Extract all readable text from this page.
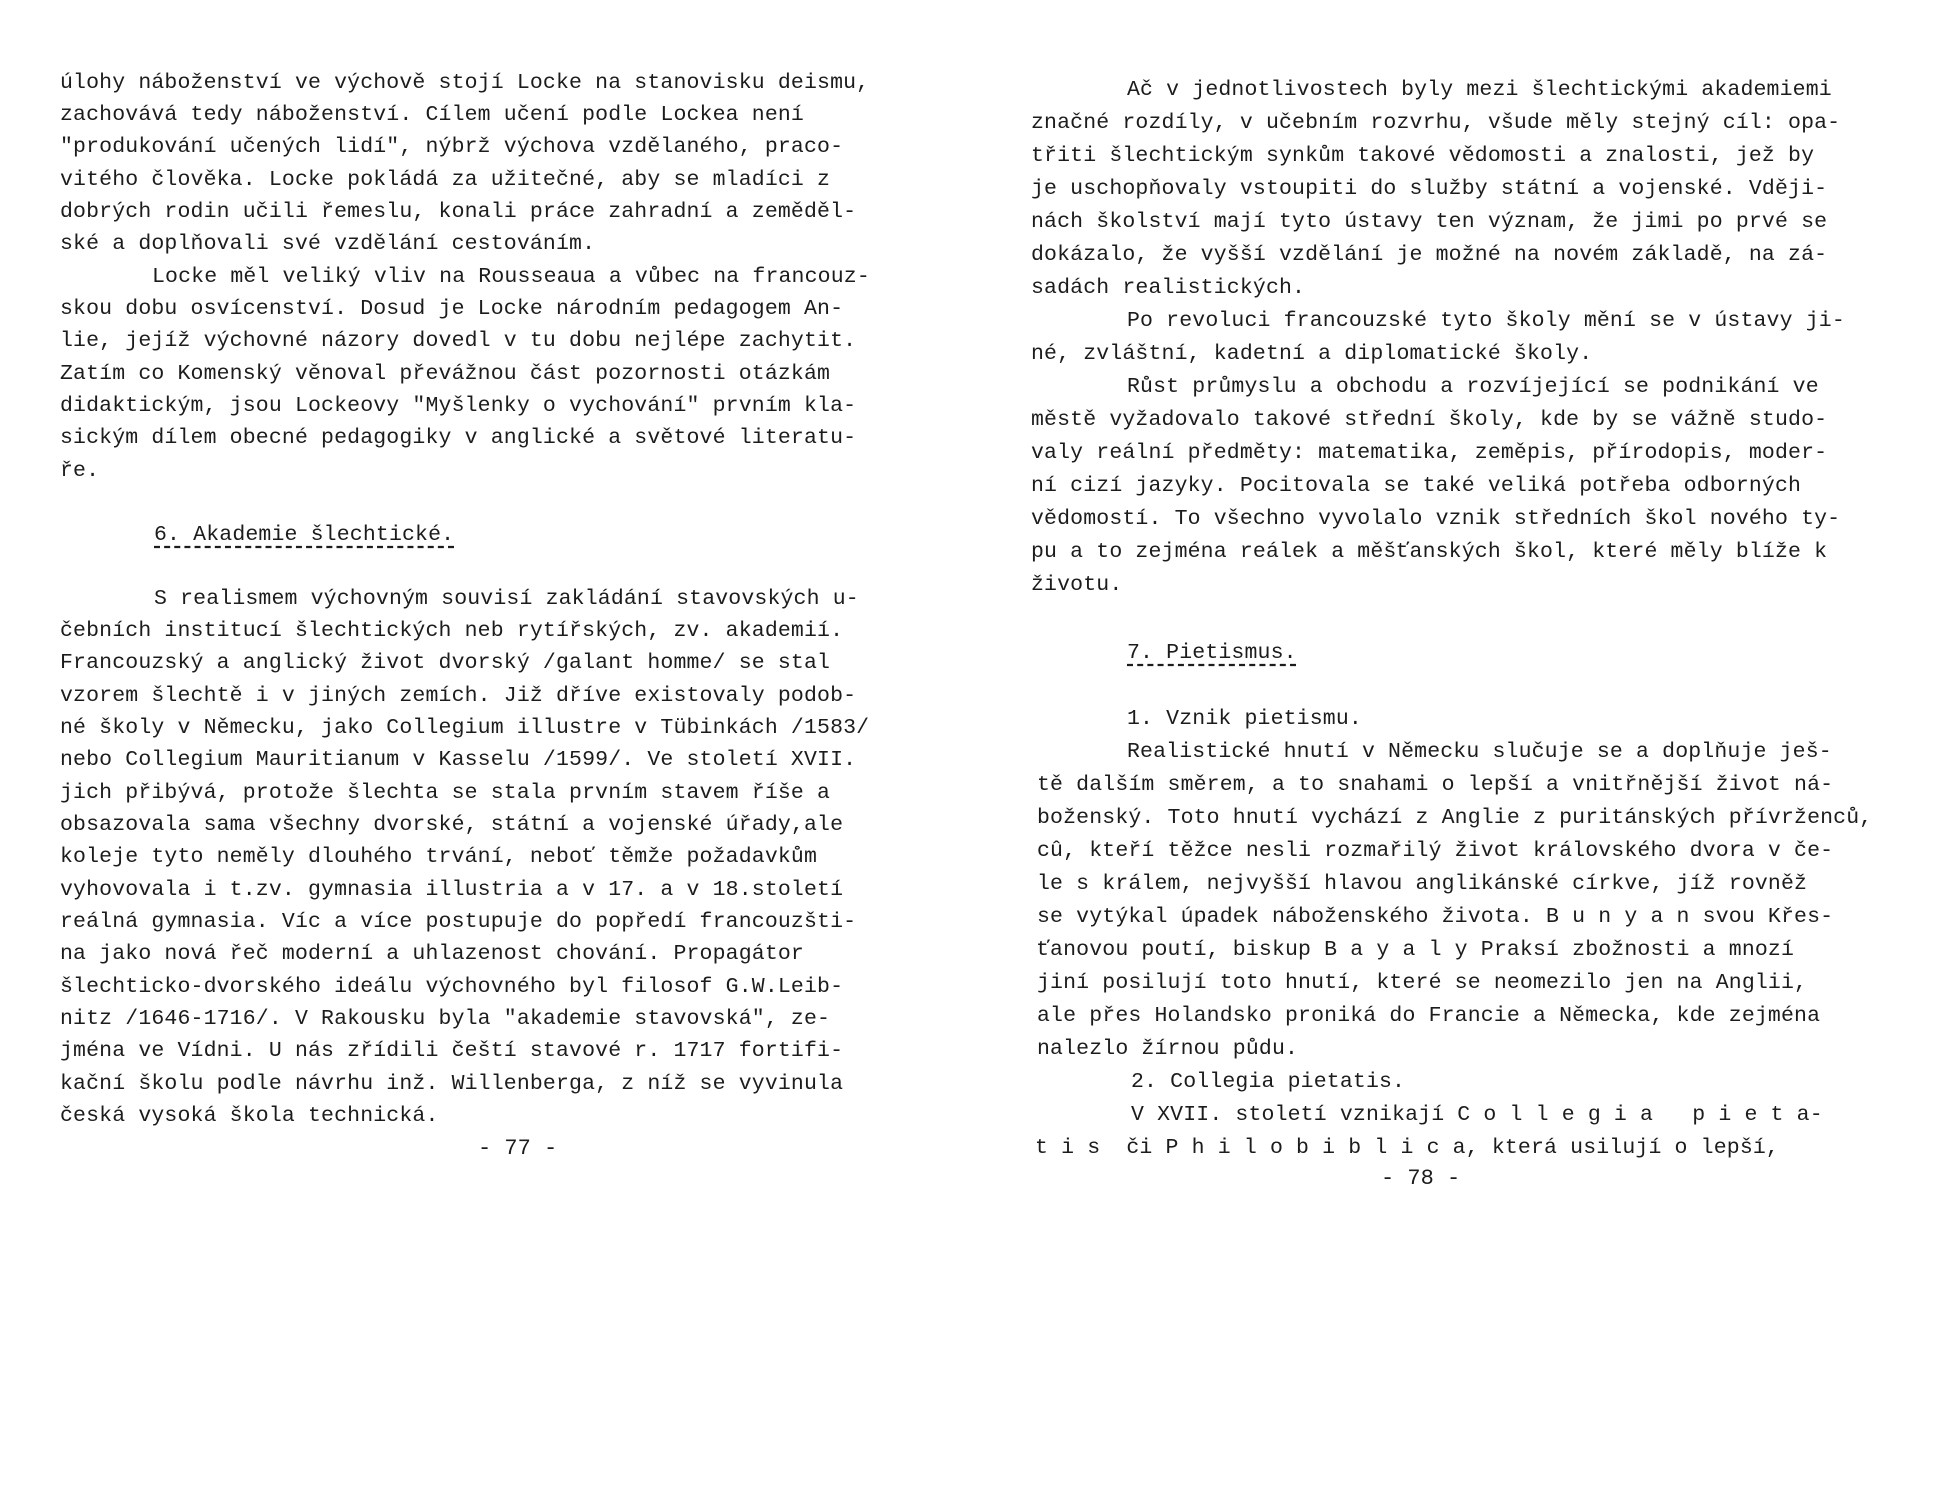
úlohy náboženství ve výchově stojí Locke na stanovisku deismu,
zachovává tedy náboženství. Cílem učení podle Lockea není
"produkování učených lidí", nýbrž výchova vzdělaného, praco-
vitého člověka. Locke pokládá za užitečné, aby se mladíci z
dobrých rodin učili řemeslu, konali práce zahradní a zeměděl-
ské a doplňovali své vzdělání cestováním.
Locke měl veliký vliv na Rousseaua a vůbec na francouz-
skou dobu osvícenství. Dosud je Locke národním pedagogem An-
lie, jejíž výchovné názory dovedl v tu dobu nejlépe zachytit.
Zatím co Komenský věnoval převážnou část pozornosti otázkám
didaktickým, jsou Lockeovy "Myšlenky o vychování" prvním kla-
sickým dílem obecné pedagogiky v anglické a světové literatu-
ře.
6. Akademie šlechtické.
S realismem výchovným souvisí zakládání stavovských u-
čebních institucí šlechtických neb rytířských, zv. akademií.
Francouzský a anglický život dvorský /galant homme/ se stal
vzorem šlechtě i v jiných zemích. Již dříve existovaly podob-
né školy v Německu, jako Collegium illustre v Tübinkách /1583/
nebo Collegium Mauritianum v Kasselu /1599/. Ve století XVII.
jich přibývá, protože šlechta se stala prvním stavem říše a
obsazovala sama všechny dvorské, státní a vojenské úřady,ale
koleje tyto neměly dlouhého trvání, neboť těmže požadavkům
vyhovovala i t.zv. gymnasia illustria a v 17. a v 18.století
reálná gymnasia. Víc a více postupuje do popředí francouzšti-
na jako nová řeč moderní a uhlazenost chování. Propagátor
šlechticko-dvorského ideálu výchovného byl filosof G.W.Leib-
nitz /1646-1716/. V Rakousku byla "akademie stavovská", ze-
jména ve Vídni. U nás zřídili čeští stavové r. 1717 fortifi-
kační školu podle návrhu inž. Willenberga, z níž se vyvinula
česká vysoká škola technická.
- 77 -
Ač v jednotlivostech byly mezi šlechtickými akademiemi
značné rozdíly, v učebním rozvrhu, všude měly stejný cíl: opa-
třiti šlechtickým synkům takové vědomosti a znalosti, jež by
je uschopňovaly vstoupiti do služby státní a vojenské. Vději-
nách školství mají tyto ústavy ten význam, že jimi po prvé se
dokázalo, že vyšší vzdělání je možné na novém základě, na zá-
sadách realistických.
Po revoluci francouzské tyto školy mění se v ústavy ji-
né, zvláštní, kadetní a diplomatické školy.
Růst průmyslu a obchodu a rozvíjející se podnikání ve
městě vyžadovalo takové střední školy, kde by se vážně studo-
valy reální předměty: matematika, zeměpis, přírodopis, moder-
ní cizí jazyky. Pocitovala se také veliká potřeba odborných
vědomostí. To všechno vyvolalo vznik středních škol nového ty-
pu a to zejména reálek a měšťanských škol, které měly blíže k
životu.
7. Pietismus.
1. Vznik pietismu.
Realistické hnutí v Německu slučuje se a doplňuje ješ-
tě dalším směrem, a to snahami o lepší a vnitřnější život ná-
boženský. Toto hnutí vychází z Anglie z puritánských přívrženců,
cû, kteří těžce nesli rozmařilý život královského dvora v če-
le s králem, nejvyšší hlavou anglikánské církve, jíž rovněž
se vytýkal úpadek náboženského života. B u n y a n svou Křes-
ťanovou poutí, biskup B a y a l y Praksí zbožnosti a mnozí
jiní posilují toto hnutí, které se neomezilo jen na Anglii,
ale přes Holandsko proniká do Francie a Německa, kde zejména
nalezlo žírnou půdu.
2. Collegia pietatis.
V XVII. století vznikají C o l l e g i a   p i e t a-
t i s  či P h i l o b i b l i c a, která usilují o lepší,
- 78 -
